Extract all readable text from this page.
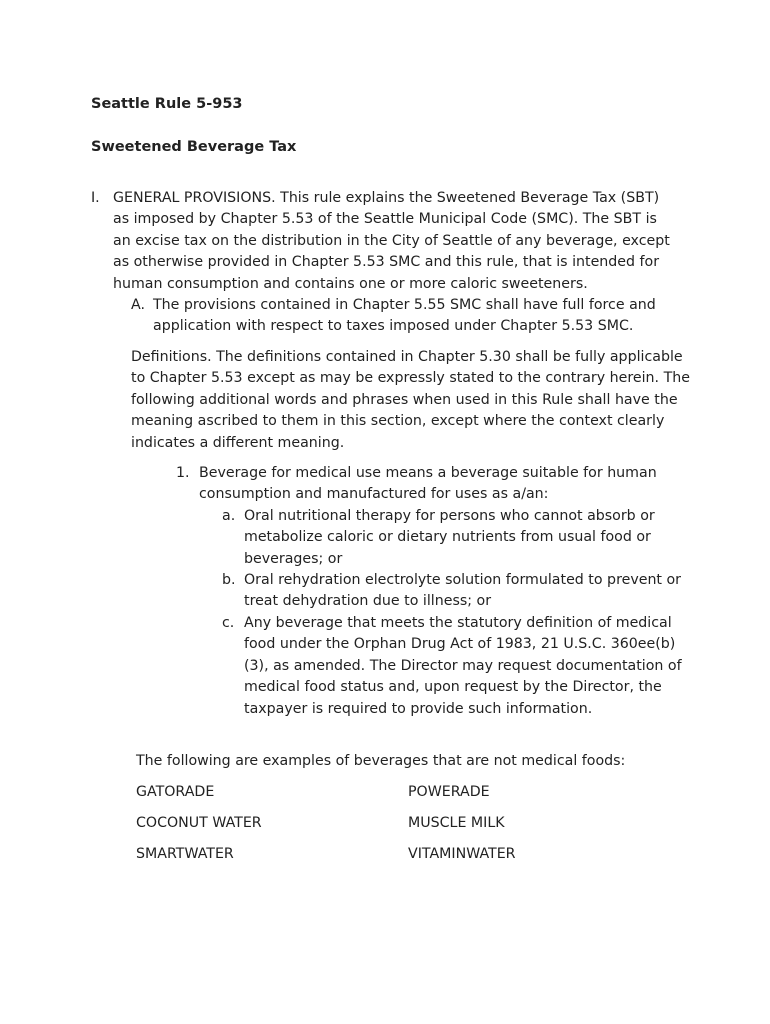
Seattle Rule 5-953
Sweetened Beverage Tax
I. GENERAL PROVISIONS. This rule explains the Sweetened Beverage Tax (SBT) as imposed by Chapter 5.53 of the Seattle Municipal Code (SMC). The SBT is an excise tax on the distribution in the City of Seattle of any beverage, except as otherwise provided in Chapter 5.53 SMC and this rule, that is intended for human consumption and contains one or more caloric sweeteners.
A. The provisions contained in Chapter 5.55 SMC shall have full force and application with respect to taxes imposed under Chapter 5.53 SMC.
Definitions. The definitions contained in Chapter 5.30 shall be fully applicable to Chapter 5.53 except as may be expressly stated to the contrary herein. The following additional words and phrases when used in this Rule shall have the meaning ascribed to them in this section, except where the context clearly indicates a different meaning.
1. Beverage for medical use means a beverage suitable for human consumption and manufactured for uses as a/an:
a. Oral nutritional therapy for persons who cannot absorb or metabolize caloric or dietary nutrients from usual food or beverages; or
b. Oral rehydration electrolyte solution formulated to prevent or treat dehydration due to illness; or
c. Any beverage that meets the statutory definition of medical food under the Orphan Drug Act of 1983, 21 U.S.C. 360ee(b)(3), as amended. The Director may request documentation of medical food status and, upon request by the Director, the taxpayer is required to provide such information.
The following are examples of beverages that are not medical foods:
GATORADE	POWERADE
COCONUT WATER	MUSCLE MILK
SMARTWATER	VITAMINWATER
